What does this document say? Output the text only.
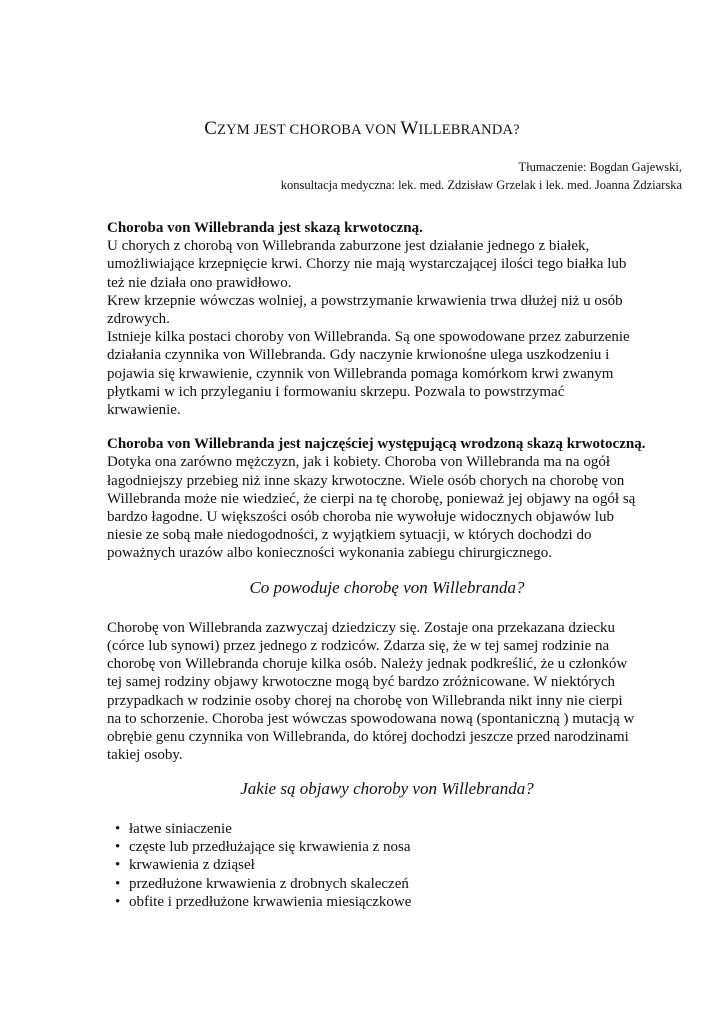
CZYM JEST CHOROBA VON WILLEBRANDA?
Tłumaczenie: Bogdan Gajewski,
konsultacja medyczna: lek. med. Zdzisław Grzelak i lek. med. Joanna Zdziarska

Choroba von Willebranda jest skazą krwotoczną.
U chorych z chorobą von Willebranda zaburzone jest działanie jednego z białek,
umożliwiające krzepnięcie krwi. Chorzy nie mają wystarczającej ilości tego białka lub
też nie działa ono prawidłowo.
Krew krzepnie wówczas wolniej, a powstrzymanie krwawienia trwa dłużej niż u osób
zdrowych.
Istnieje kilka postaci choroby von Willebranda. Są one spowodowane przez zaburzenie
działania czynnika von Willebranda. Gdy naczynie krwionośne ulega uszkodzeniu i
pojawia się krwawienie, czynnik von Willebranda pomaga komórkom krwi zwanym
płytkami w ich przyleganiu i formowaniu skrzepu. Pozwala to powstrzymać
krwawienie.

Choroba von Willebranda jest najczęściej występującą wrodzoną skazą krwotoczną.
Dotyka ona zarówno mężczyzn, jak i kobiety. Choroba von Willebranda ma na ogół
łagodniejszy przebieg niż inne skazy krwotoczne. Wiele osób chorych na chorobę von
Willebranda może nie wiedzieć, że cierpi na tę chorobę, ponieważ jej objawy na ogół są
bardzo łagodne. U większości osób choroba nie wywołuje widocznych objawów lub
niesie ze sobą małe niedogodności, z wyjątkiem sytuacji, w których dochodzi do
poważnych urazów albo konieczności wykonania zabiegu chirurgicznego.

Co powoduje chorobę von Willebranda?

Chorobę von Willebranda zazwyczaj dziedziczy się. Zostaje ona przekazana dziecku
(córce lub synowi) przez jednego z rodziców. Zdarza się, że w tej samej rodzinie na
chorobę von Willebranda choruje kilka osób. Należy jednak podkreślić, że u członków
tej samej rodziny objawy krwotoczne mogą być bardzo zróżnicowane. W niektórych
przypadkach w rodzinie osoby chorej na chorobę von Willebranda nikt inny nie cierpi
na to schorzenie. Choroba jest wówczas spowodowana nową (spontaniczną ) mutacją w
obrębie genu czynnika von Willebranda, do której dochodzi jeszcze przed narodzinami
takiej osoby.

Jakie są objawy choroby von Willebranda?
• łatwe siniaczenie
• częste lub przedłużające się krwawienia z nosa
• krwawienia z dziąseł
• przedłużone krwawienia z drobnych skaleczeń
• obfite i przedłużone krwawienia miesiączkowe
